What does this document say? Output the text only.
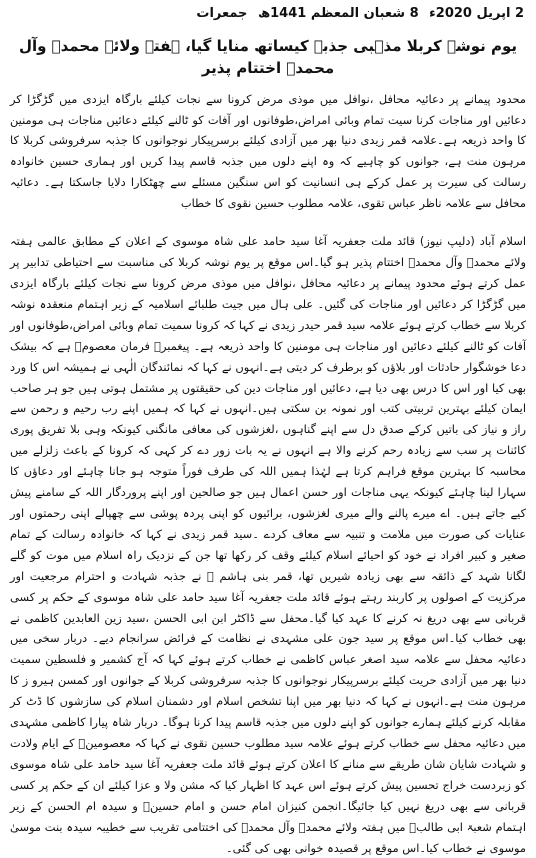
جمعرات 8 شعبان المعظم 1441ھ 2 اپریل 2020ء
یوم نوشہ کربلا مذہبی جذبے کیساتھ منایا گیا، ہفتہ ولائے محمدؐ وآل محمدؐ اختتام پذیر

محدود پیمانے پر دعائیہ محافل ،نوافل میں موذی مرض کرونا سے نجات کیلئے بارگاہ ایزدی میں گڑگڑا کر دعائیں اور مناجات کرنا سیت تمام وبائی امراض،طوفانوں اور آفات کو ٹالنے کیلئے دعائیں مناجات ہی مومنین کا واحد ذریعہ ہے۔علامہ قمر زیدی دنیا بھر میں آزادی کیلئے برسرپیکار نوجوانوں کا جذبہ سرفروشی کربلا کا مرہون منت ہے، جوانوں کو چاہیے کہ وہ اپنے دلوں میں جذبہ قاسم پیدا کریں اور ہماری حسین خانوادہ رسالت کی سیرت پر عمل کرکے ہی انسانیت کو اس سنگین مسئلے سے چھٹکارا دلایا جاسکتا ہے۔ دعائیہ محافل سے علامہ ناظر عباس تقوی، علامہ مطلوب حسین نقوی کا خطاب

اسلام آباد (دلیپ نیوز) قائد ملت جعفریہ آغا سید حامد علی شاہ موسوی کے اعلان کے مطابق عالمی ہفتہ ولائے محمدؐ وآل محمدؐ اختتام پذیر ہو گیا۔اس موقع پر یوم نوشہ کربلا کی مناسبت سے احتیاطی تدابیر پر عمل کرتے ہوئے محدود پیمانے پر دعائیہ محافل ،نوافل میں موذی مرض کرونا سے نجات کیلئے بارگاہ ایزدی میں گڑگڑا کر دعائیں اور مناجات کی گئیں۔ علی ہال میں جیت طلبائے اسلامیہ کے زیر اہتمام منعقدہ نوشہ کربلا سے خطاب کرتے ہوئے علامہ سید قمر حیدر زیدی نے کہا کہ کرونا سمیت تمام وبائی امراض،طوفانوں اور آفات کو ٹالنے کیلئے دعائیں اور مناجات ہی مومنین کا واحد ذریعہ ہے۔ پیغمبرؐ فرمان معصومؑ ہے کہ بیشک دعا خوشگوار حادثات اور بلاؤں کو برطرف کر دیتی ہے۔انہوں نے کہا کہ نمائندگان الٰہی نے ہمیشہ اس کا ورد بھی کیا اور اس کا درس بھی دیا ہے، دعائیں اور مناجات دین کی حقیقتوں پر مشتمل ہوتی ہیں جو ہر صاحب ایمان کیلئے بہترین تربیتی کتب اور نمونہ بن سکتی ہیں۔انہوں نے کہا کہ ہمیں اپنے رب رحیم و رحمن سے راز و نیاز کی باتیں کرکے صدق دل سے اپنے گناہوں ،لغزشوں کی معافی مانگنی کیونکہ وہی بلا تفریق پوری کائنات پر سب سے زیادہ رحم کرنے والا ہے انہوں نے یہ بات زور دے کر کہی کہ کرونا کے باعث زلزلے میں محاسبہ کا بہترین موقع فراہم کرتا ہے لہٰذا ہمیں اللہ کی طرف فوراً متوجہ ہو جانا چاہئے اور دعاؤں کا سہارا لینا چاہئے کیونکہ یہی مناجات اور حسن اعمال ہیں جو صالحین اور اپنے پروردگار اللہ کے سامنے پیش کیے جاتے ہیں۔ اے میرے پالنے والے میری لغزشوں، برائیوں کو اپنی پردہ پوشی سے چھپالے اپنی رحمتوں اور عنایات کی صورت میں ملامت و تنبیہ سے معاف کردے ۔سید قمر زیدی نے کہا کہ خانوادہ رسالت کے تمام صغیر و کبیر افراد نے خود کو احیائے اسلام کیلئے وقف کر رکھا تھا جن کے نزدیک راہ اسلام میں موت کو گلے لگانا شہد کے ذائقہ سے بھی زیادہ شیریں تھا، قمر بنی ہاشم ؑ نے جذبہ شہادت و احترام مرجعیت اور مرکزیت کے اصولوں پر کاربند رہتے ہوئے قائد ملت جعفریہ آغا سید حامد علی شاہ موسوی کے حکم پر کسی قربانی سے بھی دریغ نہ کرنے کا عہد کیا گیا۔محفل سے ڈاکٹر ابن ابی الحسن ،سید زین العابدین کاظمی نے بھی خطاب کیا۔اس موقع پر سید جون علی مشہدی نے نظامت کے فرائض سرانجام دیے۔ دربار سخی میں دعائیہ محفل سے علامہ سید اصغر عباس کاظمی نے خطاب کرتے ہوئے کہا کہ آج کشمیر و فلسطین سمیت دنیا بھر میں آزادی حریت کیلئے برسرپیکار نوجوانوں کا جذبہ سرفروشی کربلا کے جوانوں اور کمسن ہیرو ز کا مرہون منت ہے۔انہوں نے کہا کہ دنیا بھر میں اپنا تشخص اسلام اور دشمنان اسلام کی سازشوں کا ڈٹ کر مقابلہ کرنے کیلئے ہمارے جوانوں کو اپنے دلوں میں جذبہ قاسم پیدا کرنا ہوگا۔ دربار شاہ پیارا کاظمی مشہدی میں دعائیہ محفل سے خطاب کرتے ہوئے علامہ سید مطلوب حسین نقوی نے کہا کہ معصومینؑ کے ایام ولادت و شہادت شایان شان طریقے سے منانے کا اعلان کرتے ہوئے قائد ملت جعفریہ آغا سید حامد علی شاہ موسوی کو زبردست خراج تحسین پیش کرتے ہوئے اس عہد کا اظہار کیا کہ مشن ولا و عزا کیلئے ان کے حکم پر کسی قربانی سے بھی دریغ نہیں کیا جائیگا۔انجمن کنیزان امام حسن و امام حسینؑ و سیدہ ام الحسن کے زیر اہتمام شعبۃ ابی طالبؑ میں ہفتہ ولائے محمدؐ وآل محمدؐ کی اختتامی تقریب سے خطیبہ سیدہ بنت موسیٰ موسوی نے خطاب کیا۔اس موقع پر قصیدہ خوانی بھی کی گئی۔
